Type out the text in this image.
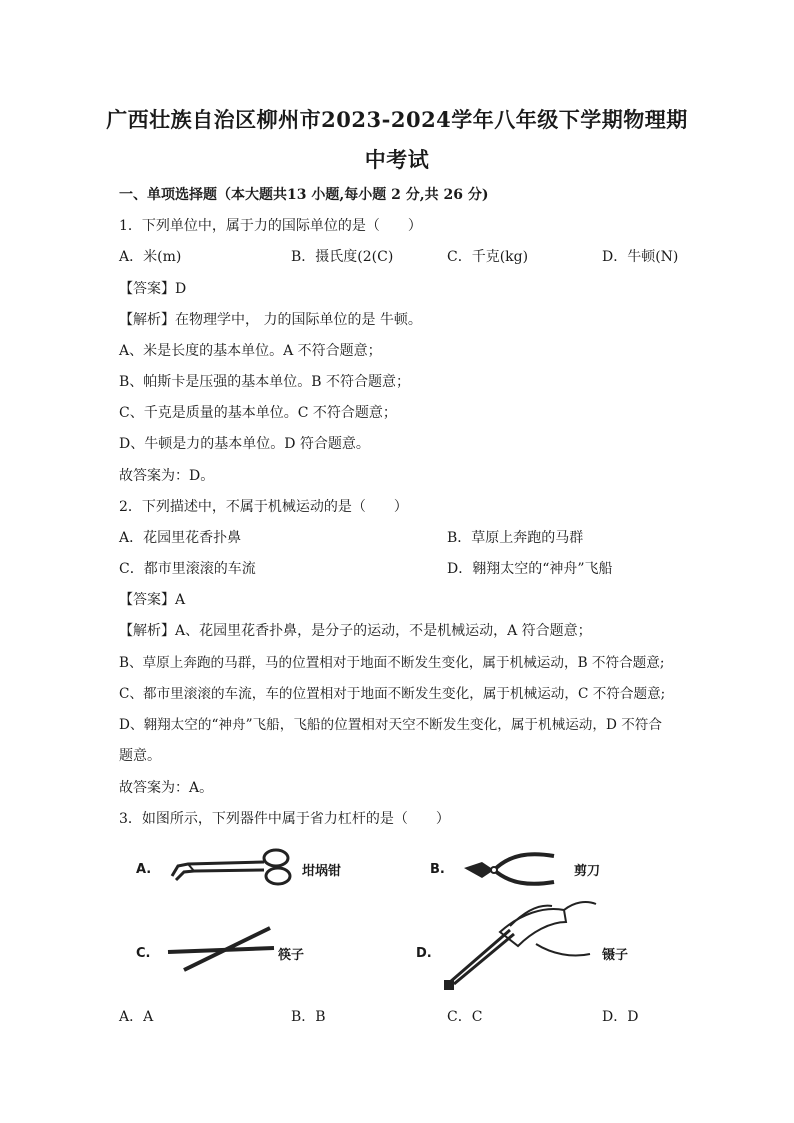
广西壮族自治区柳州市2023-2024学年八年级下学期物理期
中考试
一、单项选择题（本大题共13 小题,每小题 2 分,共 26 分)
1．下列单位中，属于力的国际单位的是（　　）
A．米(m)	B．摄氏度(2(C)	C．千克(kg)	D．牛顿(N)
【答案】D
【解析】在物理学中， 力的国际单位的是 牛顿。
A、米是长度的基本单位。A 不符合题意；
B、帕斯卡是压强的基本单位。B 不符合题意；
C、千克是质量的基本单位。C 不符合题意；
D、牛顿是力的基本单位。D 符合题意。
故答案为：D。
2．下列描述中，不属于机械运动的是（　　）
A．花园里花香扑鼻	B．草原上奔跑的马群
C．都市里滚滚的车流	D．翱翔太空的“神舟”飞船
【答案】A
【解析】A、花园里花香扑鼻，是分子的运动，不是机械运动，A 符合题意；
B、草原上奔跑的马群，马的位置相对于地面不断发生变化，属于机械运动，B 不符合题意;
C、都市里滚滚的车流，车的位置相对于地面不断发生变化，属于机械运动，C 不符合题意;
D、翱翔太空的“神舟”飞船，飞船的位置相对天空不断发生变化，属于机械运动，D 不符合
题意。
故答案为：A。
3．如图所示，下列器件中属于省力杠杆的是（　　）
A.	坩埚钳	B.	剪刀
C.	筷子	D.	镊子
A．A	B．B	C．C	D．D
